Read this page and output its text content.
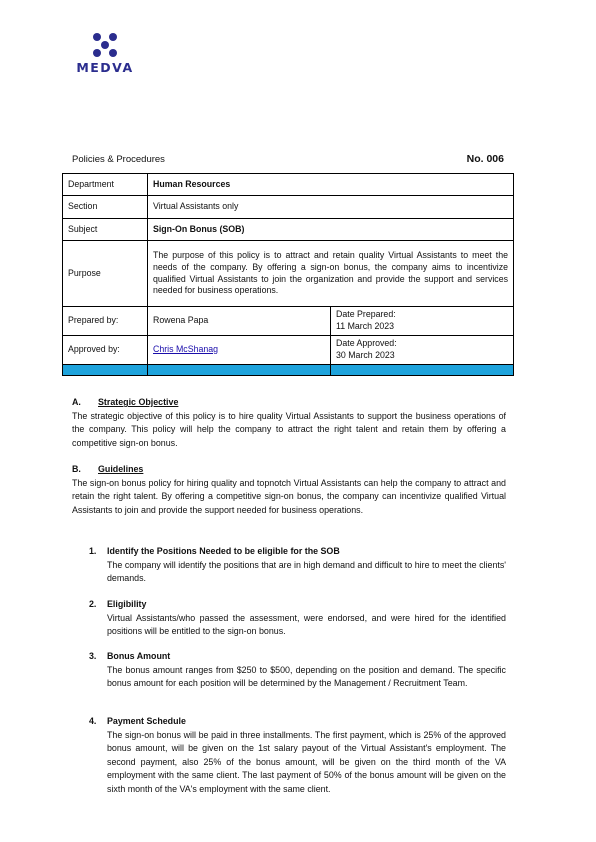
MEDVA
Policies & Procedures	No. 006
Department	Human Resources	
Section	Virtual Assistants only	
Subject	Sign-On Bonus (SOB)	
Purpose	The purpose of this policy is to attract and retain quality Virtual Assistants to meet the needs of the company. By offering a sign-on bonus, the company aims to incentivize qualified Virtual Assistants to join the organization and provide the support and services needed for business operations.	
Prepared by:	Rowena Papa	Date Prepared:
11 March 2023

Approved by:	Chris McShanag	Date Approved:
30 March 2023

A. Strategic Objective

The strategic objective of this policy is to hire quality Virtual Assistants to support the business operations of the company. This policy will help the company to attract the right talent and retain them by offering a competitive sign-on bonus.

B. Guidelines

The sign-on bonus policy for hiring quality and topnotch Virtual Assistants can help the company to attract and retain the right talent. By offering a competitive sign-on bonus, the company can incentivize qualified Virtual Assistants to join and provide the support needed for business operations.

1. Identify the Positions Needed to be eligible for the SOB
The company will identify the positions that are in high demand and difficult to hire to meet the clients' demands.
2. Eligibility
Virtual Assistants/who passed the assessment, were endorsed, and were hired for the identified positions will be entitled to the sign-on bonus.
3. Bonus Amount
The bonus amount ranges from $250 to $500, depending on the position and demand. The specific bonus amount for each position will be determined by the Management / Recruitment Team.
4. Payment Schedule
The sign-on bonus will be paid in three installments. The first payment, which is 25% of the approved bonus amount, will be given on the 1st salary payout of the Virtual Assistant's employment. The second payment, also 25% of the bonus amount, will be given on the third month of the VA employment with the same client. The last payment of 50% of the bonus amount will be given on the sixth month of the VA's employment with the same client.
